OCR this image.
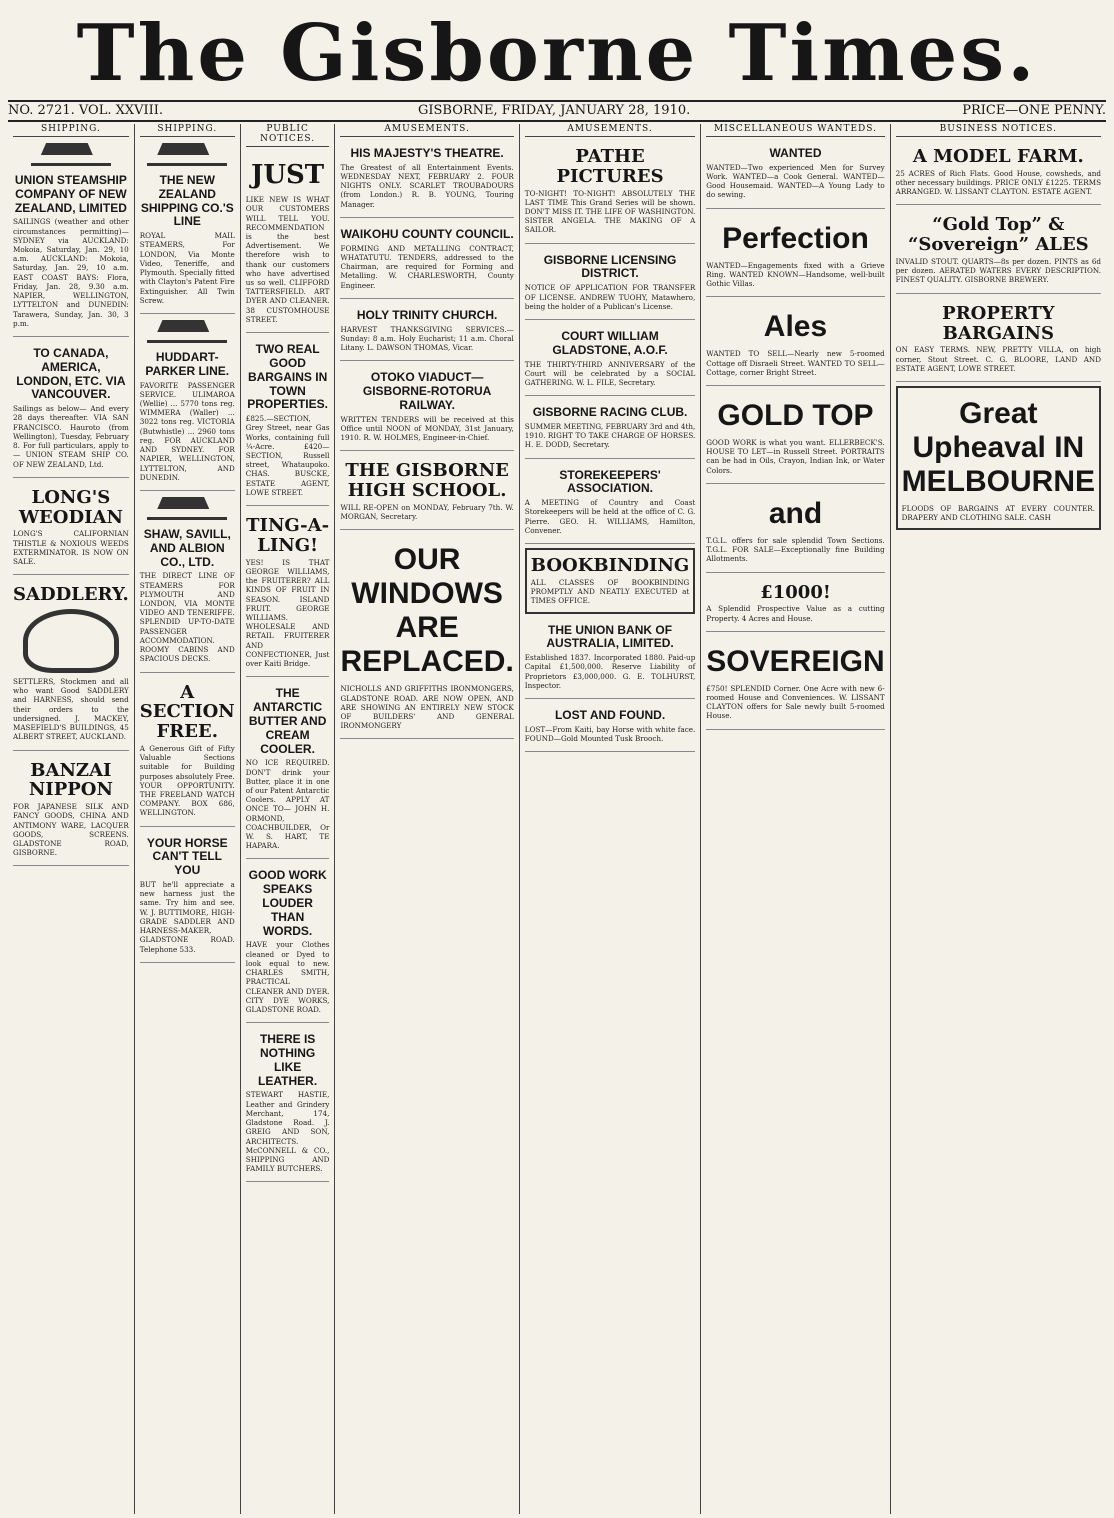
The Gisborne Times.
NO. 2721. VOL. XXVIII.	GISBORNE, FRIDAY, JANUARY 28, 1910.	PRICE—ONE PENNY.
SHIPPING.
UNION STEAMSHIP COMPANY OF NEW ZEALAND, LIMITED

SAILINGS (weather and other circumstances permitting)— SYDNEY via AUCKLAND: Mokoia, Saturday, Jan. 29, 10 a.m. AUCKLAND: Mokoia, Saturday, Jan. 29, 10 a.m. EAST COAST BAYS: Flora, Friday, Jan. 28, 9.30 a.m. NAPIER, WELLINGTON, LYTTELTON and DUNEDIN: Tarawera, Sunday, Jan. 30, 3 p.m.

TO CANADA, AMERICA, LONDON, ETC. VIA VANCOUVER.

Sailings as below— And every 28 days thereafter. VIA SAN FRANCISCO. Hauroto (from Wellington), Tuesday, February 8. For full particulars, apply to— UNION STEAM SHIP CO. OF NEW ZEALAND, Ltd.

LONG'S WEODIAN

LONG'S CALIFORNIAN THISTLE & NOXIOUS WEEDS EXTERMINATOR. IS NOW ON SALE.

SADDLERY.

SETTLERS, Stockmen and all who want Good SADDLERY and HARNESS, should send their orders to the undersigned. J. MACKEY, MASEFIELD'S BUILDINGS, 45 ALBERT STREET, AUCKLAND.

BANZAI NIPPON

FOR JAPANESE SILK AND FANCY GOODS, CHINA AND ANTIMONY WARE, LACQUER GOODS, SCREENS. GLADSTONE ROAD, GISBORNE.

SHIPPING.
THE NEW ZEALAND SHIPPING CO.'S LINE

ROYAL MAIL STEAMERS, For LONDON, Via Monte Video, Teneriffe, and Plymouth. Specially fitted with Clayton's Patent Fire Extinguisher. All Twin Screw.

HUDDART-PARKER LINE.

FAVORITE PASSENGER SERVICE. ULIMAROA (Wellie) ... 5770 tons reg. WIMMERA (Waller) ... 3022 tons reg. VICTORIA (Butwhistle) ... 2960 tons reg. FOR AUCKLAND AND SYDNEY. FOR NAPIER, WELLINGTON, LYTTELTON, AND DUNEDIN.

SHAW, SAVILL, AND ALBION CO., LTD.

THE DIRECT LINE OF STEAMERS FOR PLYMOUTH AND LONDON, VIA MONTE VIDEO AND TENERIFFE. SPLENDID UP-TO-DATE PASSENGER ACCOMMODATION. ROOMY CABINS AND SPACIOUS DECKS.

A SECTION FREE.

A Generous Gift of Fifty Valuable Sections suitable for Building purposes absolutely Free. YOUR OPPORTUNITY. THE FREELAND WATCH COMPANY. BOX 686, WELLINGTON.

YOUR HORSE CAN'T TELL YOU

BUT he'll appreciate a new harness just the same. Try him and see. W. J. BUTTIMORE, HIGH-GRADE SADDLER AND HARNESS-MAKER, GLADSTONE ROAD. Telephone 533.

PUBLIC NOTICES.
JUST

LIKE NEW IS WHAT OUR CUSTOMERS WILL TELL YOU. RECOMMENDATION is the best Advertisement. We therefore wish to thank our customers who have advertised us so well. CLIFFORD TATTERSFIELD. ART DYER AND CLEANER. 38 CUSTOMHOUSE STREET.

TWO REAL GOOD BARGAINS IN TOWN PROPERTIES.

£825.—SECTION, Grey Street, near Gas Works, containing full ¼-Acre. £420—SECTION, Russell street, Whataupoko. CHAS. BUSCKE, ESTATE AGENT, LOWE STREET.

TING-A-LING!

YES! IS THAT GEORGE WILLIAMS, the FRUITERER? ALL KINDS OF FRUIT IN SEASON. ISLAND FRUIT. GEORGE WILLIAMS. WHOLESALE AND RETAIL FRUITERER AND CONFECTIONER, Just over Kaiti Bridge.

THE ANTARCTIC BUTTER AND CREAM COOLER.

NO ICE REQUIRED. DON'T drink your Butter, place it in one of our Patent Antarctic Coolers. APPLY AT ONCE TO— JOHN H. ORMOND, COACHBUILDER, Or W. S. HART, TE HAPARA.

GOOD WORK SPEAKS LOUDER THAN WORDS.

HAVE your Clothes cleaned or Dyed to look equal to new. CHARLES SMITH, PRACTICAL CLEANER AND DYER. CITY DYE WORKS, GLADSTONE ROAD.

THERE IS NOTHING LIKE LEATHER.

STEWART HASTIE, Leather and Grindery Merchant, 174, Gladstone Road. J. GREIG AND SON, ARCHITECTS. McCONNELL & CO., SHIPPING AND FAMILY BUTCHERS.

AMUSEMENTS.
HIS MAJESTY'S THEATRE.

The Greatest of all Entertainment Events. WEDNESDAY NEXT, FEBRUARY 2. FOUR NIGHTS ONLY. SCARLET TROUBADOURS (from London.) R. B. YOUNG, Touring Manager.

WAIKOHU COUNTY COUNCIL.

FORMING AND METALLING CONTRACT, WHATATUTU. TENDERS, addressed to the Chairman, are required for Forming and Metalling. W. CHARLESWORTH, County Engineer.

HOLY TRINITY CHURCH.

HARVEST THANKSGIVING SERVICES.—Sunday: 8 a.m. Holy Eucharist; 11 a.m. Choral Litany. L. DAWSON THOMAS, Vicar.

OTOKO VIADUCT—GISBORNE-ROTORUA RAILWAY.

WRITTEN TENDERS will be received at this Office until NOON of MONDAY, 31st January, 1910. R. W. HOLMES, Engineer-in-Chief.

THE GISBORNE HIGH SCHOOL.

WILL RE-OPEN on MONDAY, February 7th. W. MORGAN, Secretary.

OUR WINDOWS ARE REPLACED.

NICHOLLS AND GRIFFITHS IRONMONGERS, GLADSTONE ROAD. ARE NOW OPEN, AND ARE SHOWING AN ENTIRELY NEW STOCK OF BUILDERS' AND GENERAL IRONMONGERY

AMUSEMENTS.
PATHE PICTURES

TO-NIGHT! TO-NIGHT! ABSOLUTELY THE LAST TIME This Grand Series will be shown. DON'T MISS IT. THE LIFE OF WASHINGTON. SISTER ANGELA. THE MAKING OF A SAILOR.

GISBORNE LICENSING DISTRICT.

NOTICE OF APPLICATION FOR TRANSFER OF LICENSE. ANDREW TUOHY, Matawhero, being the holder of a Publican's License.

COURT WILLIAM GLADSTONE, A.O.F.

THE THIRTY-THIRD ANNIVERSARY of the Court will be celebrated by a SOCIAL GATHERING. W. L. FILE, Secretary.

GISBORNE RACING CLUB.

SUMMER MEETING, FEBRUARY 3rd and 4th, 1910. RIGHT TO TAKE CHARGE OF HORSES. H. E. DODD, Secretary.

STOREKEEPERS' ASSOCIATION.

A MEETING of Country and Coast Storekeepers will be held at the office of C. G. Pierre. GEO. H. WILLIAMS, Hamilton, Convener.

BOOKBINDING

ALL CLASSES OF BOOKBINDING PROMPTLY AND NEATLY EXECUTED at TIMES OFFICE.

THE UNION BANK OF AUSTRALIA, LIMITED.

Established 1837. Incorporated 1880. Paid-up Capital £1,500,000. Reserve Liability of Proprietors £3,000,000. G. E. TOLHURST, Inspector.

LOST AND FOUND.

LOST—From Kaiti, bay Horse with white face. FOUND—Gold Mounted Tusk Brooch.

MISCELLANEOUS WANTEDS.
WANTED

WANTED—Two experienced Men for Survey Work. WANTED—a Cook General. WANTED—Good Housemaid. WANTED—A Young Lady to do sewing.

Perfection

WANTED—Engagements fixed with a Grieve Ring. WANTED KNOWN—Handsome, well-built Gothic Villas.

Ales

WANTED TO SELL—Nearly new 5-roomed Cottage off Disraeli Street. WANTED TO SELL—Cottage, corner Bright Street.

GOLD TOP

GOOD WORK is what you want. ELLERBECK'S. HOUSE TO LET—in Russell Street. PORTRAITS can be had in Oils, Crayon, Indian Ink, or Water Colors.

and

T.G.L. offers for sale splendid Town Sections. T.G.L. FOR SALE—Exceptionally fine Building Allotments.

£1000!

A Splendid Prospective Value as a cutting Property. 4 Acres and House.

SOVEREIGN

£750! SPLENDID Corner. One Acre with new 6-roomed House and Conveniences. W. LISSANT CLAYTON offers for Sale newly built 5-roomed House.

BUSINESS NOTICES.
A MODEL FARM.

25 ACRES of Rich Flats. Good House, cowsheds, and other necessary buildings. PRICE ONLY £1225. TERMS ARRANGED. W. LISSANT CLAYTON. ESTATE AGENT.

“Gold Top” & “Sovereign” ALES

INVALID STOUT. QUARTS—8s per dozen. PINTS as 6d per dozen. AERATED WATERS EVERY DESCRIPTION. FINEST QUALITY. GISBORNE BREWERY.

PROPERTY BARGAINS

ON EASY TERMS. NEW, PRETTY VILLA, on high corner, Stout Street. C. G. BLOORE, LAND AND ESTATE AGENT, LOWE STREET.

Great Upheaval IN MELBOURNE

FLOODS OF BARGAINS AT EVERY COUNTER. DRAPERY AND CLOTHING SALE. CASH
